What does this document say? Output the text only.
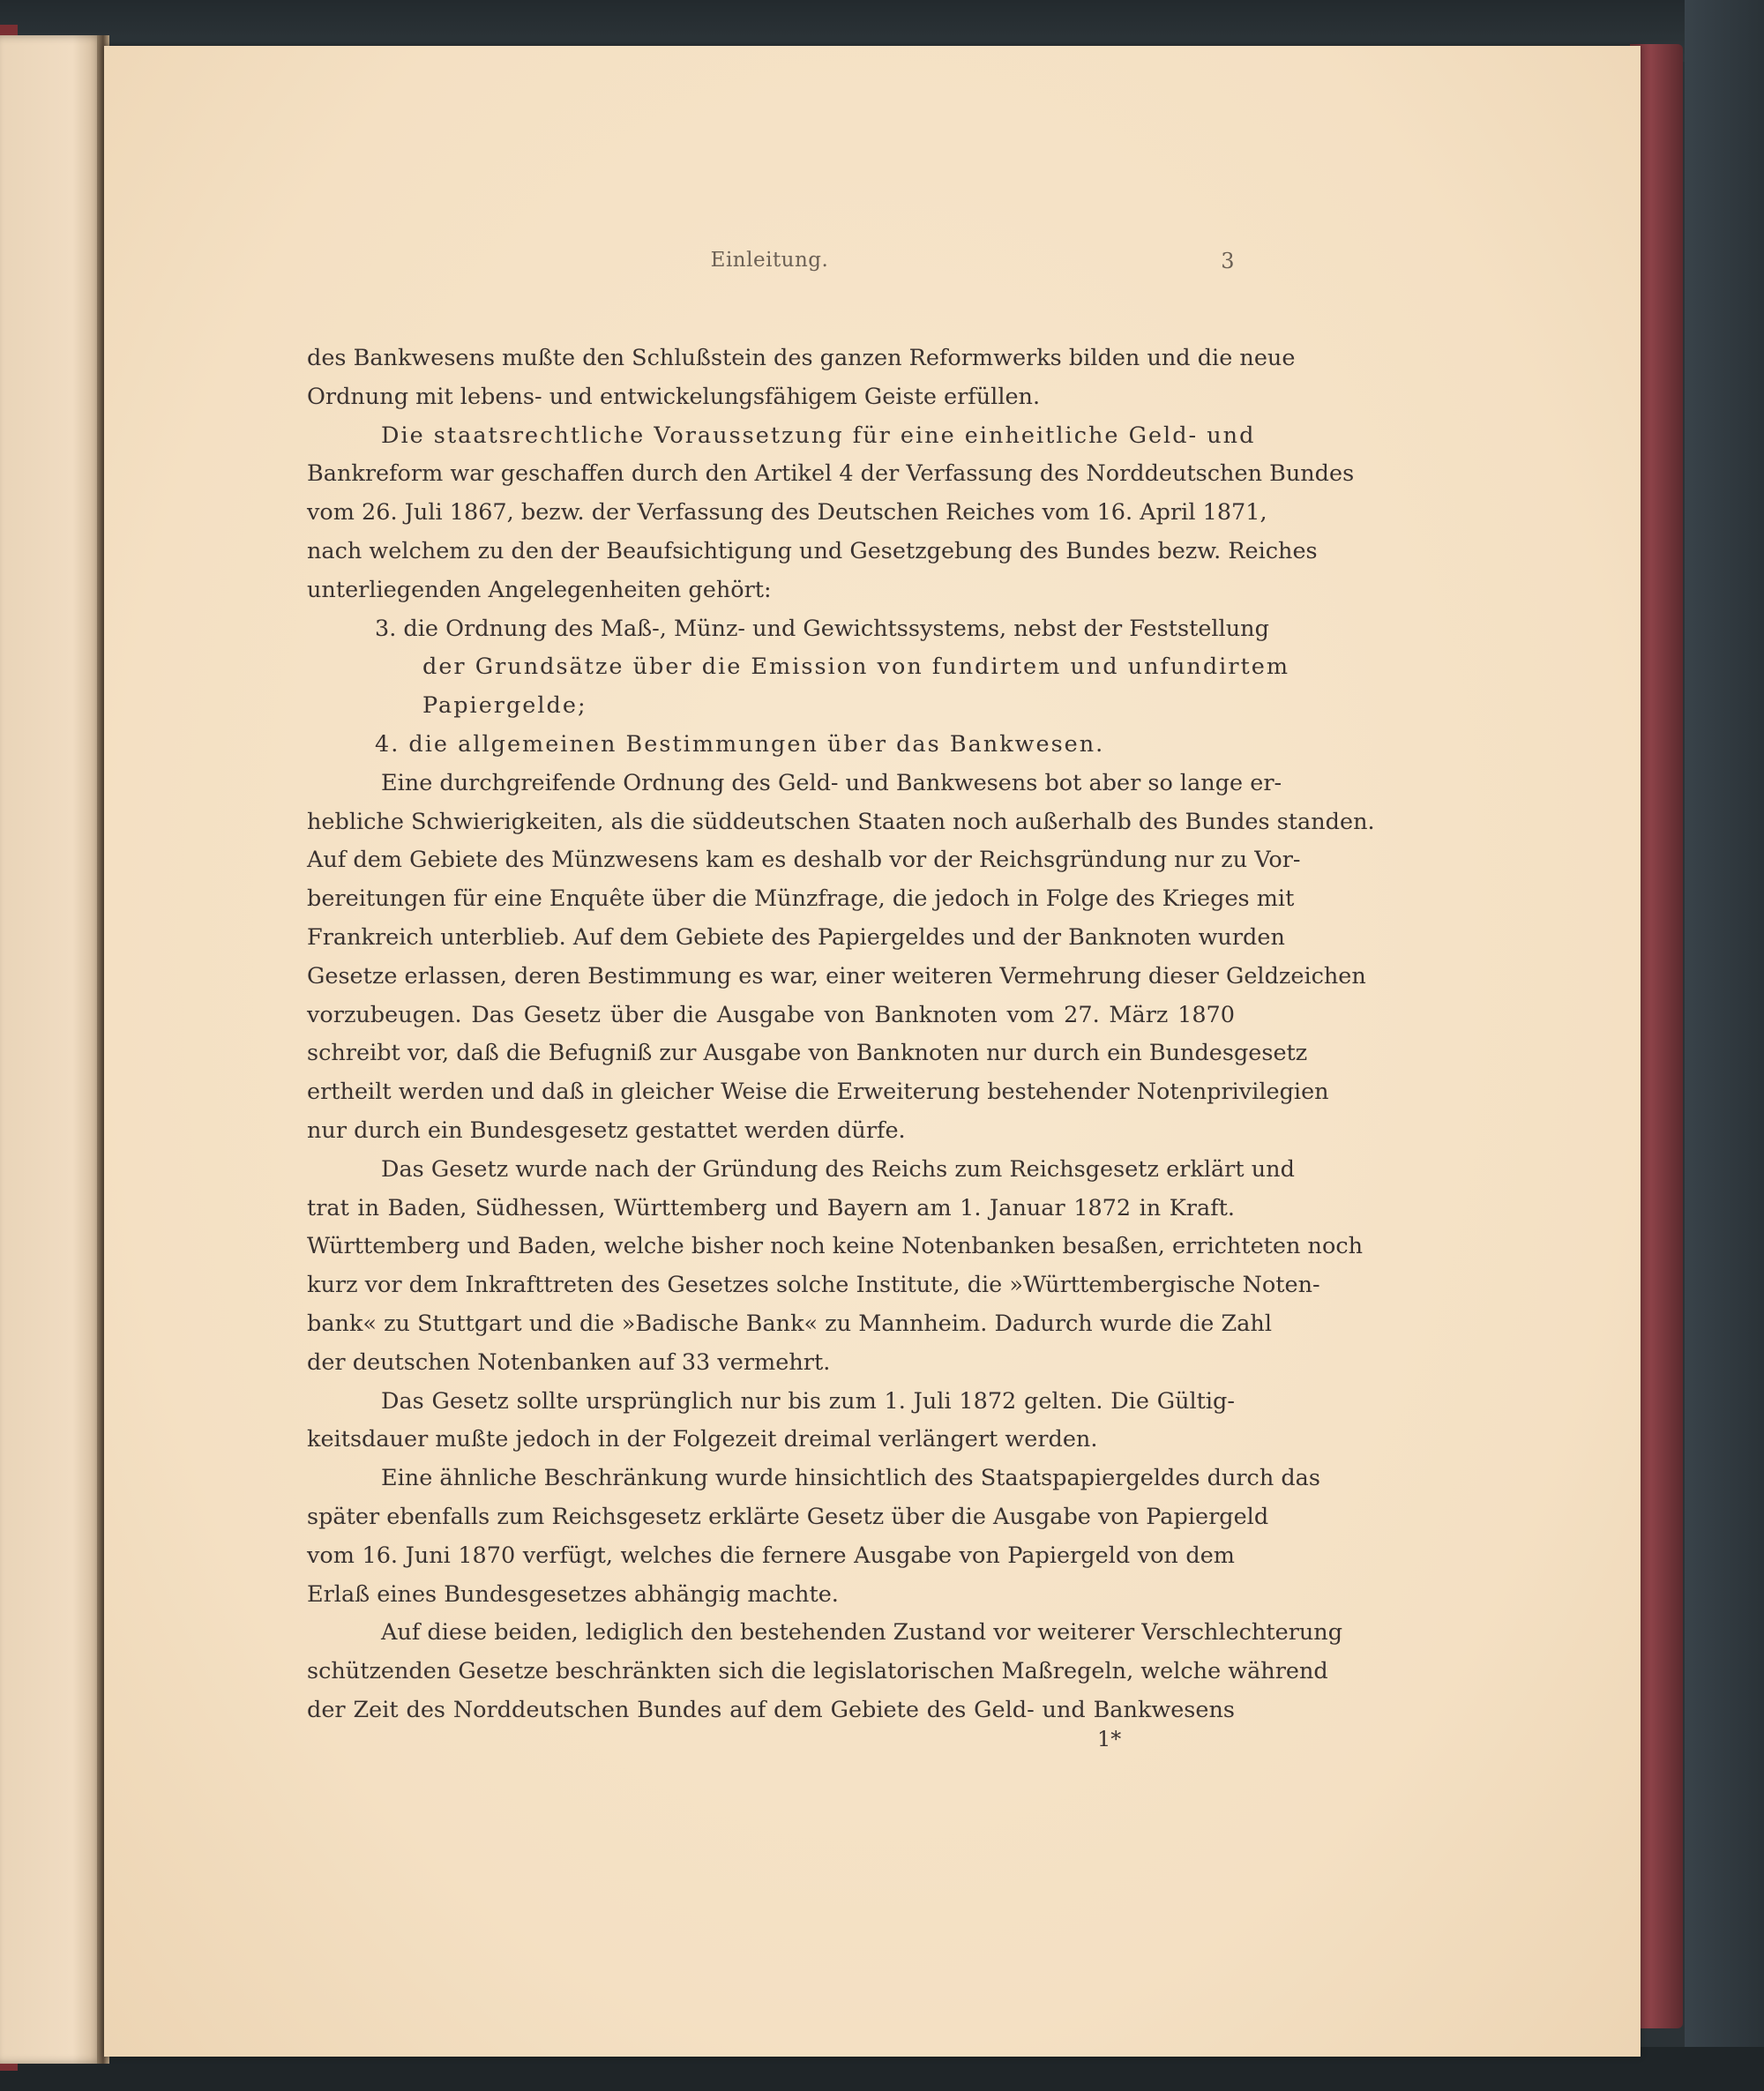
Einleitung.	3
des Bankwesens mußte den Schlußstein des ganzen Reformwerks bilden und die neue
Ordnung mit lebens- und entwickelungsfähigem Geiste erfüllen.
Die staatsrechtliche Voraussetzung für eine einheitliche Geld- und
Bankreform war geschaffen durch den Artikel 4 der Verfassung des Norddeutschen Bundes
vom 26. Juli 1867, bezw. der Verfassung des Deutschen Reiches vom 16. April 1871,
nach welchem zu den der Beaufsichtigung und Gesetzgebung des Bundes bezw. Reiches
unterliegenden Angelegenheiten gehört:
3. die Ordnung des Maß-, Münz- und Gewichtssystems, nebst der Feststellung
der Grundsätze über die Emission von fundirtem und unfundirtem
Papiergelde;
4. die allgemeinen Bestimmungen über das Bankwesen.
Eine durchgreifende Ordnung des Geld- und Bankwesens bot aber so lange er-
hebliche Schwierigkeiten, als die süddeutschen Staaten noch außerhalb des Bundes standen.
Auf dem Gebiete des Münzwesens kam es deshalb vor der Reichsgründung nur zu Vor-
bereitungen für eine Enquête über die Münzfrage, die jedoch in Folge des Krieges mit
Frankreich unterblieb. Auf dem Gebiete des Papiergeldes und der Banknoten wurden
Gesetze erlassen, deren Bestimmung es war, einer weiteren Vermehrung dieser Geldzeichen
vorzubeugen. Das Gesetz über die Ausgabe von Banknoten vom 27. März 1870
schreibt vor, daß die Befugniß zur Ausgabe von Banknoten nur durch ein Bundesgesetz
ertheilt werden und daß in gleicher Weise die Erweiterung bestehender Notenprivilegien
nur durch ein Bundesgesetz gestattet werden dürfe.
Das Gesetz wurde nach der Gründung des Reichs zum Reichsgesetz erklärt und
trat in Baden, Südhessen, Württemberg und Bayern am 1. Januar 1872 in Kraft.
Württemberg und Baden, welche bisher noch keine Notenbanken besaßen, errichteten noch
kurz vor dem Inkrafttreten des Gesetzes solche Institute, die »Württembergische Noten-
bank« zu Stuttgart und die »Badische Bank« zu Mannheim. Dadurch wurde die Zahl
der deutschen Notenbanken auf 33 vermehrt.
Das Gesetz sollte ursprünglich nur bis zum 1. Juli 1872 gelten. Die Gültig-
keitsdauer mußte jedoch in der Folgezeit dreimal verlängert werden.
Eine ähnliche Beschränkung wurde hinsichtlich des Staatspapiergeldes durch das
später ebenfalls zum Reichsgesetz erklärte Gesetz über die Ausgabe von Papiergeld
vom 16. Juni 1870 verfügt, welches die fernere Ausgabe von Papiergeld von dem
Erlaß eines Bundesgesetzes abhängig machte.
Auf diese beiden, lediglich den bestehenden Zustand vor weiterer Verschlechterung
schützenden Gesetze beschränkten sich die legislatorischen Maßregeln, welche während
der Zeit des Norddeutschen Bundes auf dem Gebiete des Geld- und Bankwesens
1*
